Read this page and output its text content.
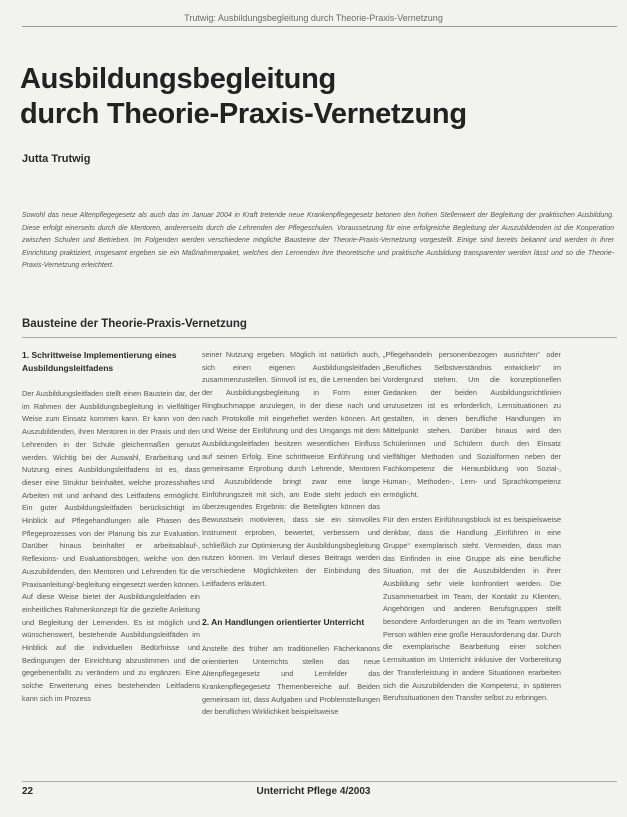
Trutwig: Ausbildungsbegleitung durch Theorie-Praxis-Vernetzung
Ausbildungsbegleitung
durch Theorie-Praxis-Vernetzung
Jutta Trutwig

Sowohl das neue Altenpflegegesetz als auch das im Januar 2004 in Kraft tretende neue Krankenpflegegesetz betonen den hohen Stellenwert der Begleitung der praktischen Ausbildung. Diese erfolgt einerseits durch die Mentoren, andererseits durch die Lehrenden der Pflegeschulen. Voraussetzung für eine erfolgreiche Begleitung der Auszubildenden ist die Kooperation zwischen Schulen und Betrieben. Im Folgenden werden verschiedene mögliche Bausteine der Theorie-Praxis-Vernetzung vorgestellt. Einige sind bereits bekannt und werden in ihrer Einrichtung praktiziert, insgesamt ergeben sie ein Maßnahmenpaket, welches den Lernenden ihre theoretische und praktische Ausbildung transparenter werden lässt und so die Theorie-Praxis-Vernetzung erleichtert.

Bausteine der Theorie-Praxis-Vernetzung
1. Schrittweise Implementierung eines Ausbildungsleitfadens

Der Ausbildungsleitfaden stellt einen Baustein dar, der im Rahmen der Ausbildungsbegleitung in vielfältiger Weise zum Einsatz kommen kann. Er kann von den Auszubildenden, ihren Mentoren in der Praxis und den Lehrenden in der Schule gleichermaßen genutzt werden. Wichtig bei der Auswahl, Erarbeitung und Nutzung eines Ausbildungsleitfadens ist es, dass dieser eine Struktur beinhaltet, welche prozesshaftes Arbeiten mit und anhand des Leitfadens ermöglicht. Ein guter Ausbildungsleitfaden berücksichtigt im Hinblick auf Pflegehandlungen alle Phasen des Pflegeprozesses von der Planung bis zur Evaluation. Darüber hinaus beinhaltet er arbeitsablauf-, Reflexions- und Evaluationsbögen, welche von den Auszubildenden, den Mentoren und Lehrenden für die Praxisanleitung/-begleitung eingesetzt werden können. Auf diese Weise bietet der Ausbildungsleitfaden ein einheitliches Rahmenkonzept für die gezielte Anleitung und Begleitung der Lernenden. Es ist möglich und wünschenswert, bestehende Ausbildungsleitfäden im Hinblick auf die individuellen Bedürfnisse und Bedingungen der Einrichtung abzustimmen und die gegebenenfalls zu verändern und zu ergänzen. Eine solche Erweiterung eines bestehenden Leitfadens kann sich im Prozess

seiner Nutzung ergeben. Möglich ist natürlich auch, sich einen eigenen Ausbildungsleitfaden zusammenzustellen. Sinnvoll ist es, die Lernenden bei der Ausbildungsbegleitung in Form einer Ringbuchmappe anzulegen, in der diese nach und nach Protokolle mit eingeheftet werden können. Art und Weise der Einführung und des Umgangs mit dem Ausbildungsleitfaden besitzen wesentlichen Einfluss auf seinen Erfolg. Eine schrittweise Einführung und gemeinsame Erprobung durch Lehrende, Mentoren und Auszubildende bringt zwar eine lange Einführungszeit mit sich, am Ende steht jedoch ein überzeugendes Ergebnis: die Beteiligten können das Bewusstsein motivieren, dass sie ein sinnvolles Instrument erproben, bewertet, verbessern und schließlich zur Optimierung der Ausbildungsbegleitung nutzen können. Im Verlauf dieses Beitrags werden verschiedene Möglichkeiten der Einbindung des Leitfadens erläutert.

2. An Handlungen orientierter Unterricht

Anstelle des früher am traditionellen Fächerkanons orientierten Unterrichts stellen das neue Altenpflegegesetz und Lernfelder das Krankenpflegegesetz Themenbereiche auf. Beiden gemeinsam ist, dass Aufgaben und Problemstellungen der beruflichen Wirklichkeit beispielsweise

„Pflegehandeln personenbezogen ausrichten“ oder „Berufliches Selbstverständnis entwickeln“ im Vordergrund stehen. Um die konzeptionellen Gedanken der beiden Ausbildungsrichtlinien umzusetzen ist es erforderlich, Lernsituationen zu gestalten, in denen berufliche Handlungen im Mittelpunkt stehen. Darüber hinaus wird den Schülerinnen und Schülern durch den Einsatz vielfältiger Methoden und Sozialformen neben der Fachkompetenz die Herausbildung von Sozial-, Human-, Methoden-, Lern- und Sprachkompetenz ermöglicht.

Für den ersten Einführungsblock ist es beispielsweise denkbar, dass die Handlung „Einführen in eine Gruppe“ exemplarisch steht. Vermeiden, dass man das Einfinden in eine Gruppe als eine berufliche Situation, mit der die Auszubildenden in ihrer Ausbildung sehr viele konfrontiert werden. Die Zusammenarbeit im Team, der Kontakt zu Klienten, Angehörigen und anderen Berufsgruppen stellt besondere Anforderungen an die im Team wertvollen Person wählen eine große Herausforderung dar. Durch die exemplarische Bearbeitung einer solchen Lernsituation im Unterricht inklusive der Vorbereitung der Transferleistung in andere Situationen erarbeiten sich die Auszubildenden die Kompetenz, in späteren Berufssituationen den Transfer selbst zu erbringen.

22	Unterricht Pflege 4/2003
